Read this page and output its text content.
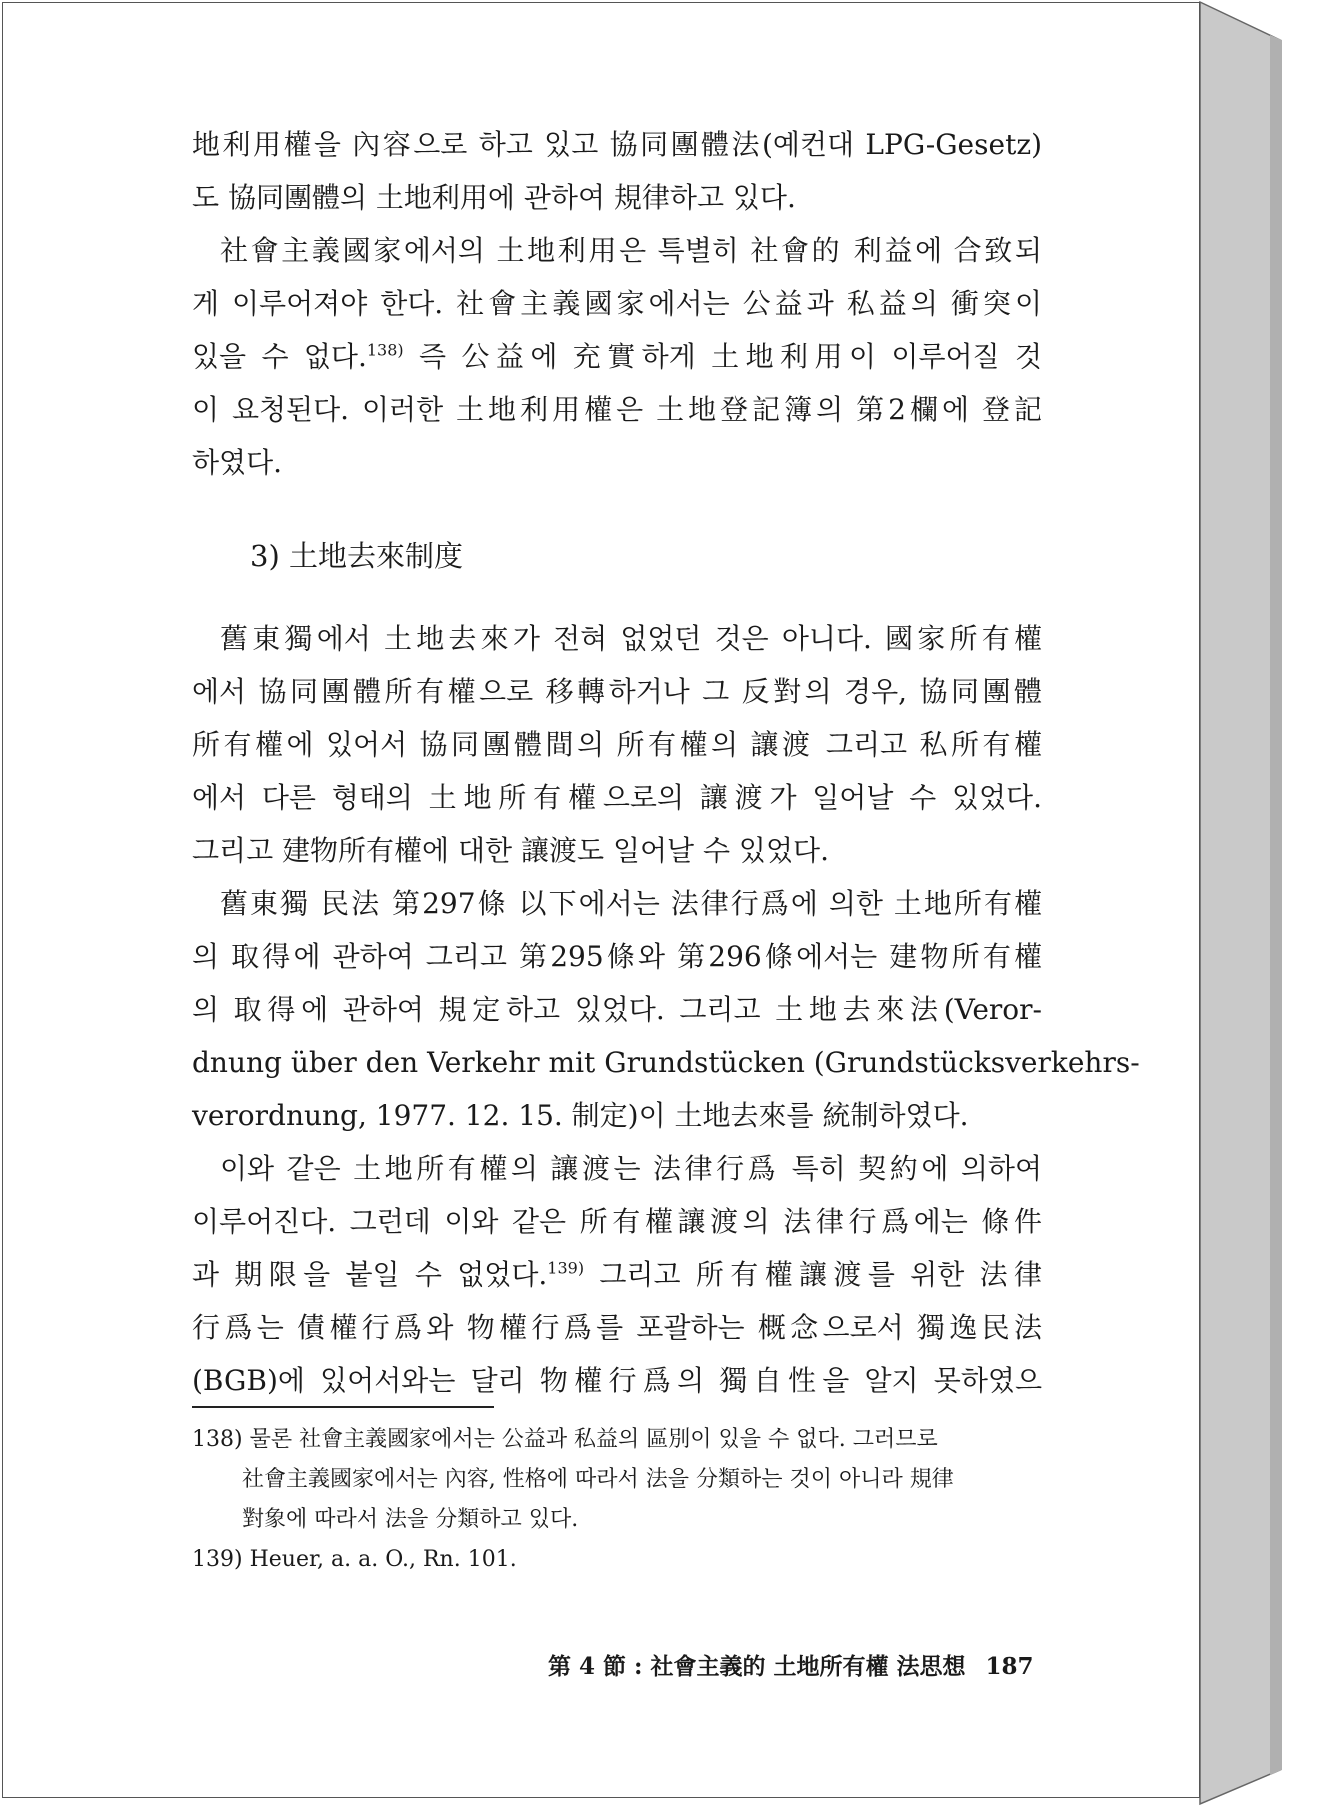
地利用權을 內容으로 하고 있고 協同團體法(예컨대 LPG-Gesetz)
도 協同團體의 土地利用에 관하여 規律하고 있다.
社會主義國家에서의 土地利用은 특별히 社會的 利益에 合致되
게 이루어져야 한다. 社會主義國家에서는 公益과 私益의 衝突이
있을 수 없다.$^{138)}$ 즉 公益에 充實하게 土地利用이 이루어질 것
이 요청된다. 이러한 土地利用權은 土地登記簿의 第2欄에 登記
하였다.
3) 土地去來制度
舊東獨에서 土地去來가 전혀 없었던 것은 아니다. 國家所有權
에서 協同團體所有權으로 移轉하거나 그 反對의 경우, 協同團體
所有權에 있어서 協同團體間의 所有權의 讓渡 그리고 私所有權
에서 다른 형태의 土地所有權으로의 讓渡가 일어날 수 있었다.
그리고 建物所有權에 대한 讓渡도 일어날 수 있었다.
舊東獨 民法 第297條 以下에서는 法律行爲에 의한 土地所有權
의 取得에 관하여 그리고 第295條와 第296條에서는 建物所有權
의 取得에 관하여 規定하고 있었다. 그리고 土地去來法(Veror-
dnung über den Verkehr mit Grundstücken (Grundstücksverkehrs-
verordnung, 1977. 12. 15. 制定)이 土地去來를 統制하였다.
이와 같은 土地所有權의 讓渡는 法律行爲 특히 契約에 의하여
이루어진다. 그런데 이와 같은 所有權讓渡의 法律行爲에는 條件
과 期限을 붙일 수 없었다.$^{139)}$ 그리고 所有權讓渡를 위한 法律
行爲는 債權行爲와 物權行爲를 포괄하는 概念으로서 獨逸民法
(BGB)에 있어서와는 달리 物權行爲의 獨自性을 알지 못하였으
138) 물론 社會主義國家에서는 公益과 私益의 區別이 있을 수 없다. 그러므로
社會主義國家에서는 內容, 性格에 따라서 法을 分類하는 것이 아니라 規律
對象에 따라서 法을 分類하고 있다.
139) Heuer, a. a. O., Rn. 101.
第 4 節 : 社會主義的 土地所有權 法思想 187
